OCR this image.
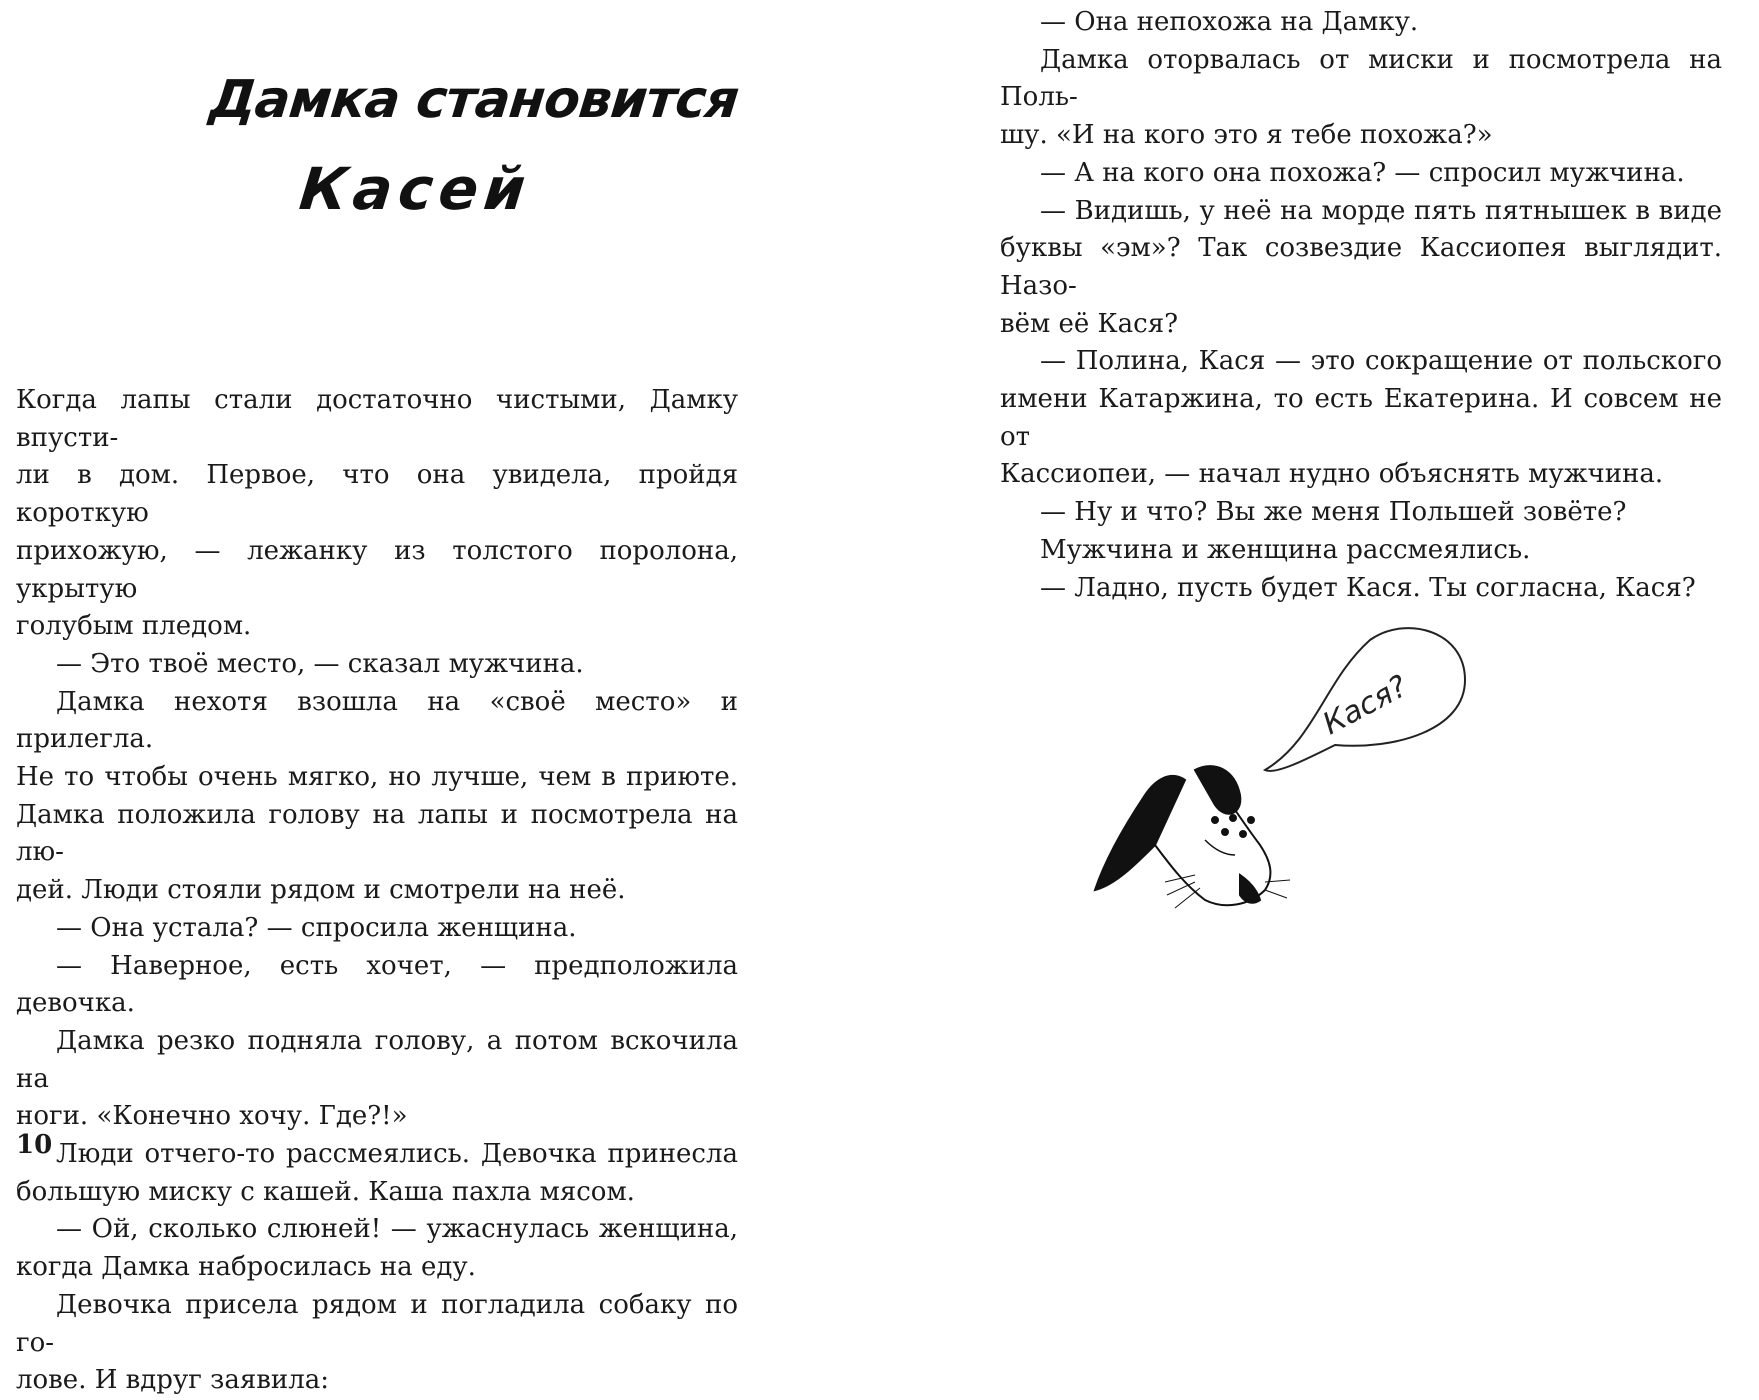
Дамка становится
Касей

Когда лапы стали достаточно чистыми, Дамку впусти-

ли в дом. Первое, что она увидела, пройдя короткую

прихожую, — лежанку из толстого поролона, укрытую

голубым пледом.

— Это твоё место, — сказал мужчина.

Дамка нехотя взошла на «своё место» и прилегла.

Не то чтобы очень мягко, но лучше, чем в приюте.

Дамка положила голову на лапы и посмотрела на лю-

дей. Люди стояли рядом и смотрели на неё.

— Она устала? — спросила женщина.

— Наверное, есть хочет, — предположила девочка.

Дамка резко подняла голову, а потом вскочила на

ноги. «Конечно хочу. Где?!»

Люди отчего-то рассмеялись. Девочка принесла

большую миску с кашей. Каша пахла мясом.

— Ой, сколько слюней! — ужаснулась женщина,

когда Дамка набросилась на еду.

Девочка присела рядом и погладила собаку по го-

лове. И вдруг заявила:

— Она непохожа на Дамку.

Дамка оторвалась от миски и посмотрела на Поль-

шу. «И на кого это я тебе похожа?»

— А на кого она похожа? — спросил мужчина.

— Видишь, у неё на морде пять пятнышек в виде

буквы «эм»? Так созвездие Кассиопея выглядит. Назо-

вём её Кася?

— Полина, Кася — это сокращение от польского

имени Катаржина, то есть Екатерина. И совсем не от

Кассиопеи, — начал нудно объяснять мужчина.

— Ну и что? Вы же меня Польшей зовёте?

Мужчина и женщина рассмеялись.

— Ладно, пусть будет Кася. Ты согласна, Кася?

Кася?
10
